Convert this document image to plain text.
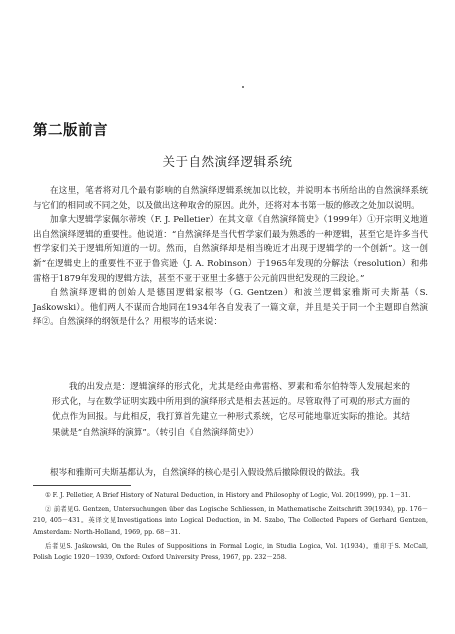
第二版前言
关于自然演绎逻辑系统

在这里，笔者将对几个最有影响的自然演绎逻辑系统加以比较，并说明本书所给出的自然演绎系统与它们的相同或不同之处，以及做出这种取舍的原因。此外，还将对本书第一版的修改之处加以说明。

加拿大逻辑学家佩尔蒂埃（F. J. Pelletier）在其文章《自然演绎简史》（1999年）①开宗明义地道出自然演绎逻辑的重要性。他说道：“自然演绎是当代哲学家们最为熟悉的一种逻辑，甚至它是许多当代哲学家们关于逻辑所知道的一切。然而，自然演绎却是相当晚近才出现于逻辑学的一个创新”。这一创新“在逻辑史上的重要性不亚于鲁宾逊（J. A. Robinson）于1965年发现的分解法（resolution）和弗雷格于1879年发现的逻辑方法，甚至不亚于亚里士多德于公元前四世纪发现的三段论。”

自然演绎逻辑的创始人是德国逻辑家根岑（G. Gentzen）和波兰逻辑家雅斯可夫斯基（S. Jaśkowski）。他们两人不谋而合地同在1934年各自发表了一篇文章，并且是关于同一个主题即自然演绎②。自然演绎的纲领是什么？用根岑的话来说：

我的出发点是：逻辑演绎的形式化，尤其是经由弗雷格、罗素和希尔伯特等人发展起来的形式化，与在数学证明实践中所用到的演绎形式是相去甚远的。尽管取得了可观的形式方面的优点作为回报。与此相反，我打算首先建立一种形式系统，它尽可能地靠近实际的推论。其结果就是“自然演绎的演算”。（转引自《自然演绎简史》）

根岑和雅斯可夫斯基都认为，自然演绎的核心是引入假设然后撤除假设的做法。我

① F. J. Pelletier, A Brief History of Natural Deduction, in History and Philosophy of Logic, Vol. 20(1999), pp. 1－31.

② 前者见G. Gentzen, Untersuchungen über das Logische Schliessen, in Mathematische Zeitschrift 39(1934), pp. 176－210, 405－431。英译文见Investigations into Logical Deduction, in M. Szabo, The Collected Papers of Gerhard Gentzen, Amsterdam: North-Holland, 1969, pp. 68－31.

后者见S. Jaśkowski, On the Rules of Suppositions in Formal Logic, in Studia Logica, Vol. 1(1934)。重印于S. McCall, Polish Logic 1920－1939, Oxford: Oxford University Press, 1967, pp. 232－258.
